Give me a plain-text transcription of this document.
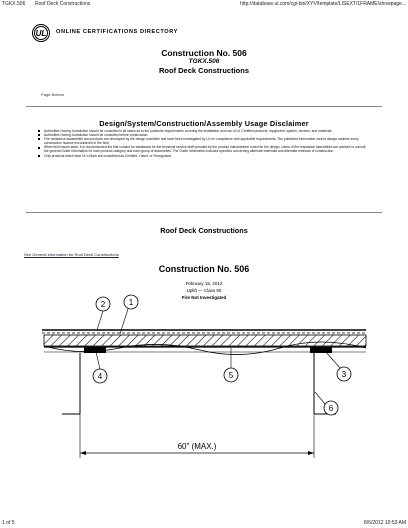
TGKX.506 Roof Deck Constructions	http://database.ul.com/cgi-bin/XYV/template/LISEXT/1FRAME/showpage...
UL ONLINE CERTIFICATIONS DIRECTORY
Construction No. 506
TGKX.506
Roof Deck Constructions
Page Bottom
Design/System/Construction/Assembly Usage Disclaimer
Authorities Having Jurisdiction should be consulted in all cases as to the particular requirements covering the installation and use of UL Certified products, equipment, system, devices, and materials.
Authorities Having Jurisdiction should be consulted before construction.
Fire resistance assemblies and products are developed by the design submitter and have been investigated by UL for compliance with applicable requirements. The published information cannot always address every construction nuance encountered in the field.
When field issues arise, it is recommended the first contact for assistance be the technical service staff provided by the product manufacturer noted for the design. Users of fire resistance assemblies are advised to consult the general Guide Information for each product category and each group of assemblies. The Guide Information includes specifics concerning alternate materials and alternate methods of construction.
Only products which bear UL's Mark are considered as Certified, Listed, or Recognized.
Roof Deck Constructions
See General Information for Roof Deck Constructions
Construction No. 506
February 15, 2012
Uplift — Class 90
Fire Not Investigated
2	1
4	5	3
6
60" (MAX.)
1 of 5	8/6/2012 10:53 AM
